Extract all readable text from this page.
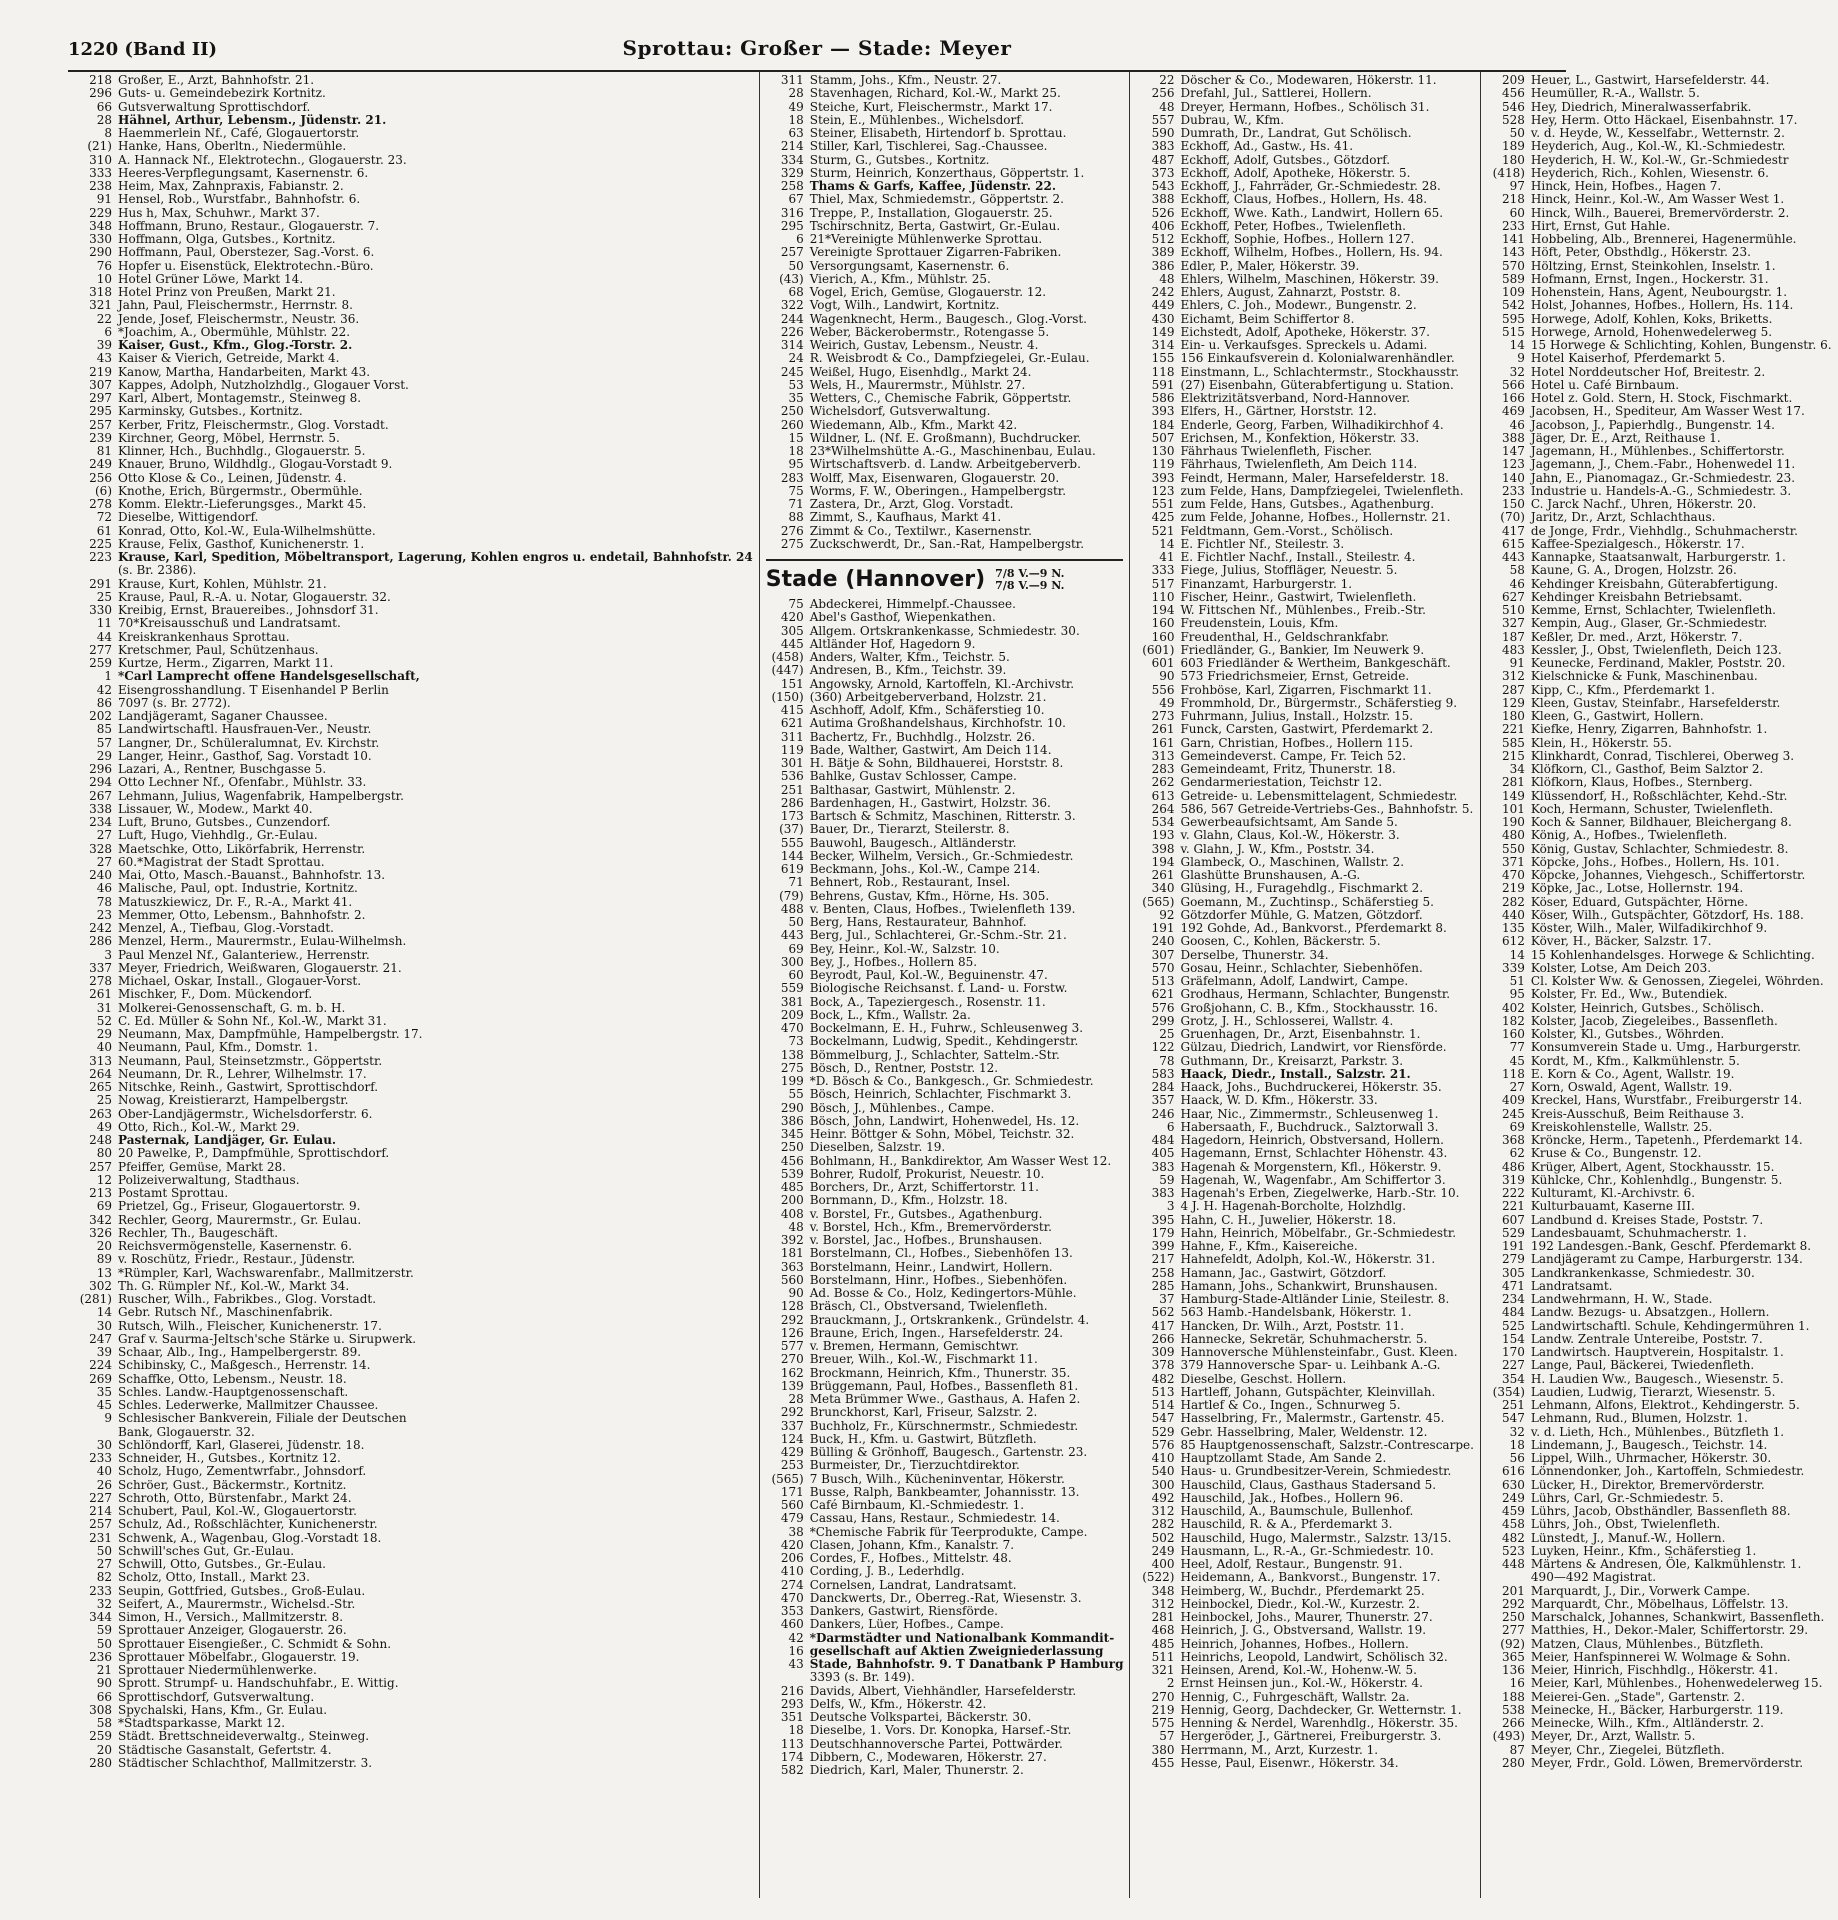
1220 (Band II)	Sprottau: Großer — Stade: Meyer
218 Großer, E., Arzt, Bahnhofstr. 21.
296 Guts- u. Gemeindebezirk Kortnitz.
66 Gutsverwaltung Sprottischdorf.
28 Hähnel, Arthur, Lebensm., Jüdenstr. 21.
8 Haemmerlein Nf., Café, Glogauertorstr.
(21) Hanke, Hans, Oberltn., Niedermühle.
310 A. Hannack Nf., Elektrotechn., Glogauerstr. 23.
333 Heeres-Verpflegungsamt, Kasernenstr. 6.
238 Heim, Max, Zahnpraxis, Fabianstr. 2.
91 Hensel, Rob., Wurstfabr., Bahnhofstr. 6.
229 Hus h, Max, Schuhwr., Markt 37.
348 Hoffmann, Bruno, Restaur., Glogauerstr. 7.
330 Hoffmann, Olga, Gutsbes., Kortnitz.
290 Hoffmann, Paul, Oberstezer, Sag.-Vorst. 6.
76 Hopfer u. Eisenstück, Elektrotechn.-Büro.
10 Hotel Grüner Löwe, Markt 14.
318 Hotel Prinz von Preußen, Markt 21.
321 Jahn, Paul, Fleischermstr., Herrnstr. 8.
22 Jende, Josef, Fleischermstr., Neustr. 36.
6 *Joachim, A., Obermühle, Mühlstr. 22.
39 Kaiser, Gust., Kfm., Glog.-Torstr. 2.
43 Kaiser & Vierich, Getreide, Markt 4.
219 Kanow, Martha, Handarbeiten, Markt 43.
307 Kappes, Adolph, Nutzholzhdlg., Glogauer Vorst.
297 Karl, Albert, Montagemstr., Steinweg 8.
295 Karminsky, Gutsbes., Kortnitz.
257 Kerber, Fritz, Fleischermstr., Glog. Vorstadt.
239 Kirchner, Georg, Möbel, Herrnstr. 5.
81 Klinner, Hch., Buchhdlg., Glogauerstr. 5.
249 Knauer, Bruno, Wildhdlg., Glogau-Vorstadt 9.
256 Otto Klose & Co., Leinen, Jüdenstr. 4.
(6) Knothe, Erich, Bürgermstr., Obermühle.
278 Komm. Elektr.-Lieferungsges., Markt 45.
72 Dieselbe, Wittigendorf.
61 Konrad, Otto, Kol.-W., Eula-Wilhelmshütte.
225 Krause, Felix, Gasthof, Kunichenerstr. 1.
223 Krause, Karl, Spedition, Möbeltransport, Lagerung, Kohlen engros u. endetail, Bahnhofstr. 24
(s. Br. 2386).
291 Krause, Kurt, Kohlen, Mühlstr. 21.
25 Krause, Paul, R.-A. u. Notar, Glogauerstr. 32.
330 Kreibig, Ernst, Brauereibes., Johnsdorf 31.
11 70*Kreisausschuß und Landratsamt.
44 Kreiskrankenhaus Sprottau.
277 Kretschmer, Paul, Schützenhaus.
259 Kurtze, Herm., Zigarren, Markt 11.
1 *Carl Lamprecht offene Handelsgesellschaft,
42 Eisengrosshandlung. T Eisenhandel P Berlin
86 7097 (s. Br. 2772).
202 Landjägeramt, Saganer Chaussee.
85 Landwirtschaftl. Hausfrauen-Ver., Neustr.
57 Langner, Dr., Schüleralumnat, Ev. Kirchstr.
29 Langer, Heinr., Gasthof, Sag. Vorstadt 10.
296 Lazari, A., Rentner, Buschgasse 5.
294 Otto Lechner Nf., Ofenfabr., Mühlstr. 33.
267 Lehmann, Julius, Wagenfabrik, Hampelbergstr.
338 Lissauer, W., Modew., Markt 40.
234 Luft, Bruno, Gutsbes., Cunzendorf.
27 Luft, Hugo, Viehhdlg., Gr.-Eulau.
328 Maetschke, Otto, Likörfabrik, Herrenstr.
27 60.*Magistrat der Stadt Sprottau.
240 Mai, Otto, Masch.-Bauanst., Bahnhofstr. 13.
46 Malische, Paul, opt. Industrie, Kortnitz.
78 Matuszkiewicz, Dr. F., R.-A., Markt 41.
23 Memmer, Otto, Lebensm., Bahnhofstr. 2.
242 Menzel, A., Tiefbau, Glog.-Vorstadt.
286 Menzel, Herm., Maurermstr., Eulau-Wilhelmsh.
3 Paul Menzel Nf., Galanteriew., Herrenstr.
337 Meyer, Friedrich, Weißwaren, Glogauerstr. 21.
278 Michael, Oskar, Install., Glogauer-Vorst.
261 Mischker, F., Dom. Mückendorf.
31 Molkerei-Genossenschaft, G. m. b. H.
52 C. Ed. Müller & Sohn Nf., Kol.-W., Markt 31.
29 Neumann, Max, Dampfmühle, Hampelbergstr. 17.
40 Neumann, Paul, Kfm., Domstr. 1.
313 Neumann, Paul, Steinsetzmstr., Göppertstr.
264 Neumann, Dr. R., Lehrer, Wilhelmstr. 17.
265 Nitschke, Reinh., Gastwirt, Sprottischdorf.
25 Nowag, Kreistierarzt, Hampelbergstr.
263 Ober-Landjägermstr., Wichelsdorferstr. 6.
49 Otto, Rich., Kol.-W., Markt 29.
248 Pasternak, Landjäger, Gr. Eulau.
80 20 Pawelke, P., Dampfmühle, Sprottischdorf.
257 Pfeiffer, Gemüse, Markt 28.
12 Polizeiverwaltung, Stadthaus.
213 Postamt Sprottau.
69 Prietzel, Gg., Friseur, Glogauertorstr. 9.
342 Rechler, Georg, Maurermstr., Gr. Eulau.
326 Rechler, Th., Baugeschäft.
20 Reichsvermögenstelle, Kasernenstr. 6.
89 v. Roschütz, Friedr., Restaur., Jüdenstr.
13 *Rümpler, Karl, Wachswarenfabr., Mallmitzerstr.
302 Th. G. Rümpler Nf., Kol.-W., Markt 34.
(281) Ruscher, Wilh., Fabrikbes., Glog. Vorstadt.
14 Gebr. Rutsch Nf., Maschinenfabrik.
30 Rutsch, Wilh., Fleischer, Kunichenerstr. 17.
247 Graf v. Saurma-Jeltsch'sche Stärke u. Sirupwerk.
39 Schaar, Alb., Ing., Hampelbergerstr. 89.
224 Schibinsky, C., Maßgesch., Herrenstr. 14.
269 Schaffke, Otto, Lebensm., Neustr. 18.
35 Schles. Landw.-Hauptgenossenschaft.
45 Schles. Lederwerke, Mallmitzer Chaussee.
9 Schlesischer Bankverein, Filiale der Deutschen
Bank, Glogauerstr. 32.
30 Schlöndorff, Karl, Glaserei, Jüdenstr. 18.
233 Schneider, H., Gutsbes., Kortnitz 12.
40 Scholz, Hugo, Zementwrfabr., Johnsdorf.
26 Schröer, Gust., Bäckermstr., Kortnitz.
227 Schroth, Otto, Bürstenfabr., Markt 24.
214 Schubert, Paul, Kol.-W., Glogauertorstr.
257 Schulz, Ad., Roßschlächter, Kunichenerstr.
231 Schwenk, A., Wagenbau, Glog.-Vorstadt 18.
50 Schwill'sches Gut, Gr.-Eulau.
27 Schwill, Otto, Gutsbes., Gr.-Eulau.
82 Scholz, Otto, Install., Markt 23.
233 Seupin, Gottfried, Gutsbes., Groß-Eulau.
32 Seifert, A., Maurermstr., Wichelsd.-Str.
344 Simon, H., Versich., Mallmitzerstr. 8.
59 Sprottauer Anzeiger, Glogauerstr. 26.
50 Sprottauer Eisengießer., C. Schmidt & Sohn.
236 Sprottauer Möbelfabr., Glogauerstr. 19.
21 Sprottauer Niedermühlenwerke.
90 Sprott. Strumpf- u. Handschuhfabr., E. Wittig.
66 Sprottischdorf, Gutsverwaltung.
308 Spychalski, Hans, Kfm., Gr. Eulau.
58 *Stadtsparkasse, Markt 12.
259 Städt. Brettschneideverwaltg., Steinweg.
20 Städtische Gasanstalt, Gefertstr. 4.
280 Städtischer Schlachthof, Mallmitzerstr. 3.
311 Stamm, Johs., Kfm., Neustr. 27.
28 Stavenhagen, Richard, Kol.-W., Markt 25.
49 Steiche, Kurt, Fleischermstr., Markt 17.
18 Stein, E., Mühlenbes., Wichelsdorf.
63 Steiner, Elisabeth, Hirtendorf b. Sprottau.
214 Stiller, Karl, Tischlerei, Sag.-Chaussee.
334 Sturm, G., Gutsbes., Kortnitz.
329 Sturm, Heinrich, Konzerthaus, Göppertstr. 1.
258 Thams & Garfs, Kaffee, Jüdenstr. 22.
67 Thiel, Max, Schmiedemstr., Göppertstr. 2.
316 Treppe, P., Installation, Glogauerstr. 25.
295 Tschirschnitz, Berta, Gastwirt, Gr.-Eulau.
6 21*Vereinigte Mühlenwerke Sprottau.
257 Vereinigte Sprottauer Zigarren-Fabriken.
50 Versorgungsamt, Kasernenstr. 6.
(43) Vierich, A., Kfm., Mühlstr. 25.
68 Vogel, Erich, Gemüse, Glogauerstr. 12.
322 Vogt, Wilh., Landwirt, Kortnitz.
244 Wagenknecht, Herm., Baugesch., Glog.-Vorst.
226 Weber, Bäckerobermstr., Rotengasse 5.
314 Weirich, Gustav, Lebensm., Neustr. 4.
24 R. Weisbrodt & Co., Dampfziegelei, Gr.-Eulau.
245 Weißel, Hugo, Eisenhdlg., Markt 24.
53 Wels, H., Maurermstr., Mühlstr. 27.
35 Wetters, C., Chemische Fabrik, Göppertstr.
250 Wichelsdorf, Gutsverwaltung.
260 Wiedemann, Alb., Kfm., Markt 42.
15 Wildner, L. (Nf. E. Großmann), Buchdrucker.
18 23*Wilhelmshütte A.-G., Maschinenbau, Eulau.
95 Wirtschaftsverb. d. Landw. Arbeitgeberverb.
283 Wolff, Max, Eisenwaren, Glogauerstr. 20.
75 Worms, F. W., Oberingen., Hampelbergstr.
71 Zastera, Dr., Arzt, Glog. Vorstadt.
88 Zimmt, S., Kaufhaus, Markt 41.
276 Zimmt & Co., Textilwr., Kasernenstr.
275 Zuckschwerdt, Dr., San.-Rat, Hampelbergstr.
Stade (Hannover) 7/8 V.—9 N.
7/8 V.—9 N.
75 Abdeckerei, Himmelpf.-Chaussee.
420 Abel's Gasthof, Wiepenkathen.
305 Allgem. Ortskrankenkasse, Schmiedestr. 30.
445 Altländer Hof, Hagedorn 9.
(458) Anders, Walter, Kfm., Teichstr. 5.
(447) Andresen, B., Kfm., Teichstr. 39.
151 Angowsky, Arnold, Kartoffeln, Kl.-Archivstr.
(150) (360) Arbeitgeberverband, Holzstr. 21.
415 Aschhoff, Adolf, Kfm., Schäferstieg 10.
621 Autima Großhandelshaus, Kirchhofstr. 10.
311 Bachertz, Fr., Buchhdlg., Holzstr. 26.
119 Bade, Walther, Gastwirt, Am Deich 114.
301 H. Bätje & Sohn, Bildhauerei, Horststr. 8.
536 Bahlke, Gustav Schlosser, Campe.
251 Balthasar, Gastwirt, Mühlenstr. 2.
286 Bardenhagen, H., Gastwirt, Holzstr. 36.
173 Bartsch & Schmitz, Maschinen, Ritterstr. 3.
(37) Bauer, Dr., Tierarzt, Steilerstr. 8.
555 Bauwohl, Baugesch., Altländerstr.
144 Becker, Wilhelm, Versich., Gr.-Schmiedestr.
619 Beckmann, Johs., Kol.-W., Campe 214.
71 Behnert, Rob., Restaurant, Insel.
(79) Behrens, Gustav, Kfm., Hörne, Hs. 305.
488 v. Benten, Claus, Hofbes., Twielenfleth 139.
50 Berg, Hans, Restaurateur, Bahnhof.
443 Berg, Jul., Schlachterei, Gr.-Schm.-Str. 21.
69 Bey, Heinr., Kol.-W., Salzstr. 10.
300 Bey, J., Hofbes., Hollern 85.
60 Beyrodt, Paul, Kol.-W., Beguinenstr. 47.
559 Biologische Reichsanst. f. Land- u. Forstw.
381 Bock, A., Tapeziergesch., Rosenstr. 11.
209 Bock, L., Kfm., Wallstr. 2a.
470 Bockelmann, E. H., Fuhrw., Schleusenweg 3.
73 Bockelmann, Ludwig, Spedit., Kehdingerstr.
138 Bömmelburg, J., Schlachter, Sattelm.-Str.
275 Bösch, D., Rentner, Poststr. 12.
199 *D. Bösch & Co., Bankgesch., Gr. Schmiedestr.
55 Bösch, Heinrich, Schlachter, Fischmarkt 3.
290 Bösch, J., Mühlenbes., Campe.
386 Bösch, John, Landwirt, Hohenwedel, Hs. 12.
345 Heinr. Böttger & Sohn, Möbel, Teichstr. 32.
250 Dieselben, Salzstr. 19.
456 Bohlmann, H., Bankdirektor, Am Wasser West 12.
539 Bohrer, Rudolf, Prokurist, Neuestr. 10.
485 Borchers, Dr., Arzt, Schiffertorstr. 11.
200 Bornmann, D., Kfm., Holzstr. 18.
408 v. Borstel, Fr., Gutsbes., Agathenburg.
48 v. Borstel, Hch., Kfm., Bremervörderstr.
392 v. Borstel, Jac., Hofbes., Brunshausen.
181 Borstelmann, Cl., Hofbes., Siebenhöfen 13.
363 Borstelmann, Heinr., Landwirt, Hollern.
560 Borstelmann, Hinr., Hofbes., Siebenhöfen.
90 Ad. Bosse & Co., Holz, Kedingertors-Mühle.
128 Bräsch, Cl., Obstversand, Twielenfleth.
292 Brauckmann, J., Ortskrankenk., Gründelstr. 4.
126 Braune, Erich, Ingen., Harsefelderstr. 24.
577 v. Bremen, Hermann, Gemischtwr.
270 Breuer, Wilh., Kol.-W., Fischmarkt 11.
162 Brockmann, Heinrich, Kfm., Thunerstr. 35.
139 Brüggemann, Paul, Hofbes., Bassenfleth 81.
28 Meta Brümmer Wwe., Gasthaus, A. Hafen 2.
292 Brunckhorst, Karl, Friseur, Salzstr. 2.
337 Buchholz, Fr., Kürschnermstr., Schmiedestr.
124 Buck, H., Kfm. u. Gastwirt, Bützfleth.
429 Bülling & Grönhoff, Baugesch., Gartenstr. 23.
253 Burmeister, Dr., Tierzuchtdirektor.
(565) 7 Busch, Wilh., Kücheninventar, Hökerstr.
171 Busse, Ralph, Bankbeamter, Johannisstr. 13.
560 Café Birnbaum, Kl.-Schmiedestr. 1.
479 Cassau, Hans, Restaur., Schmiedestr. 14.
38 *Chemische Fabrik für Teerprodukte, Campe.
420 Clasen, Johann, Kfm., Kanalstr. 7.
206 Cordes, F., Hofbes., Mittelstr. 48.
410 Cording, J. B., Lederhdlg.
274 Cornelsen, Landrat, Landratsamt.
470 Danckwerts, Dr., Oberreg.-Rat, Wiesenstr. 3.
353 Dankers, Gastwirt, Riensförde.
460 Dankers, Lüer, Hofbes., Campe.
42 *Darmstädter und Nationalbank Kommandit-
16 gesellschaft auf Aktien Zweigniederlassung
43 Stade, Bahnhofstr. 9. T Danatbank P Hamburg
3393 (s. Br. 149).
216 Davids, Albert, Viehhändler, Harsefelderstr.
293 Delfs, W., Kfm., Hökerstr. 42.
351 Deutsche Volkspartei, Bäckerstr. 30.
18 Dieselbe, 1. Vors. Dr. Konopka, Harsef.-Str.
113 Deutschhannoversche Partei, Pottwärder.
174 Dibbern, C., Modewaren, Hökerstr. 27.
582 Diedrich, Karl, Maler, Thunerstr. 2.
22 Döscher & Co., Modewaren, Hökerstr. 11.
256 Drefahl, Jul., Sattlerei, Hollern.
48 Dreyer, Hermann, Hofbes., Schölisch 31.
557 Dubrau, W., Kfm.
590 Dumrath, Dr., Landrat, Gut Schölisch.
383 Eckhoff, Ad., Gastw., Hs. 41.
487 Eckhoff, Adolf, Gutsbes., Götzdorf.
373 Eckhoff, Adolf, Apotheke, Hökerstr. 5.
543 Eckhoff, J., Fahrräder, Gr.-Schmiedestr. 28.
388 Eckhoff, Claus, Hofbes., Hollern, Hs. 48.
526 Eckhoff, Wwe. Kath., Landwirt, Hollern 65.
406 Eckhoff, Peter, Hofbes., Twielenfleth.
512 Eckhoff, Sophie, Hofbes., Hollern 127.
389 Eckhoff, Wilhelm, Hofbes., Hollern, Hs. 94.
386 Edler, P., Maler, Hökerstr. 39.
48 Ehlers, Wilhelm, Maschinen, Hökerstr. 39.
242 Ehlers, August, Zahnarzt, Poststr. 8.
449 Ehlers, C. Joh., Modewr., Bungenstr. 2.
430 Eichamt, Beim Schiffertor 8.
149 Eichstedt, Adolf, Apotheke, Hökerstr. 37.
314 Ein- u. Verkaufsges. Spreckels u. Adami.
155 156 Einkaufsverein d. Kolonialwarenhändler.
118 Einstmann, L., Schlachtermstr., Stockhausstr.
591 (27) Eisenbahn, Güterabfertigung u. Station.
586 Elektrizitätsverband, Nord-Hannover.
393 Elfers, H., Gärtner, Horststr. 12.
184 Enderle, Georg, Farben, Wilhadikirchhof 4.
507 Erichsen, M., Konfektion, Hökerstr. 33.
130 Fährhaus Twielenfleth, Fischer.
119 Fährhaus, Twielenfleth, Am Deich 114.
393 Feindt, Hermann, Maler, Harsefelderstr. 18.
123 zum Felde, Hans, Dampfziegelei, Twielenfleth.
551 zum Felde, Hans, Gutsbes., Agathenburg.
425 zum Felde, Johanne, Hofbes., Hollernstr. 21.
521 Feldtmann, Gem.-Vorst., Schölisch.
14 E. Fichtler Nf., Steilestr. 3.
41 E. Fichtler Nachf., Install., Steilestr. 4.
333 Fiege, Julius, Stoffläger, Neuestr. 5.
517 Finanzamt, Harburgerstr. 1.
110 Fischer, Heinr., Gastwirt, Twielenfleth.
194 W. Fittschen Nf., Mühlenbes., Freib.-Str.
160 Freudenstein, Louis, Kfm.
160 Freudenthal, H., Geldschrankfabr.
(601) Friedländer, G., Bankier, Im Neuwerk 9.
601 603 Friedländer & Wertheim, Bankgeschäft.
90 573 Friedrichsmeier, Ernst, Getreide.
556 Frohböse, Karl, Zigarren, Fischmarkt 11.
49 Frommhold, Dr., Bürgermstr., Schäferstieg 9.
273 Fuhrmann, Julius, Install., Holzstr. 15.
261 Funck, Carsten, Gastwirt, Pferdemarkt 2.
161 Garn, Christian, Hofbes., Hollern 115.
313 Gemeindeverst. Campe, Fr. Teich 52.
283 Gemeindeamt, Fritz, Thunerstr. 18.
262 Gendarmeriestation, Teichstr 12.
613 Getreide- u. Lebensmittelagent, Schmiedestr.
264 586, 567 Getreide-Vertriebs-Ges., Bahnhofstr. 5.
534 Gewerbeaufsichtsamt, Am Sande 5.
193 v. Glahn, Claus, Kol.-W., Hökerstr. 3.
398 v. Glahn, J. W., Kfm., Poststr. 34.
194 Glambeck, O., Maschinen, Wallstr. 2.
261 Glashütte Brunshausen, A.-G.
340 Glüsing, H., Furagehdlg., Fischmarkt 2.
(565) Goemann, M., Zuchtinsp., Schäferstieg 5.
92 Götzdorfer Mühle, G. Matzen, Götzdorf.
191 192 Gohde, Ad., Bankvorst., Pferdemarkt 8.
240 Goosen, C., Kohlen, Bäckerstr. 5.
307 Derselbe, Thunerstr. 34.
570 Gosau, Heinr., Schlachter, Siebenhöfen.
513 Gräfelmann, Adolf, Landwirt, Campe.
621 Grodhaus, Hermann, Schlachter, Bungenstr.
576 Großjohann, C. B., Kfm., Stockhausstr. 16.
299 Grotz, J. H., Schlosserei, Wallstr. 4.
25 Gruenhagen, Dr., Arzt, Eisenbahnstr. 1.
122 Gülzau, Diedrich, Landwirt, vor Riensförde.
78 Guthmann, Dr., Kreisarzt, Parkstr. 3.
583 Haack, Diedr., Install., Salzstr. 21.
284 Haack, Johs., Buchdruckerei, Hökerstr. 35.
357 Haack, W. D. Kfm., Hökerstr. 33.
246 Haar, Nic., Zimmermstr., Schleusenweg 1.
6 Habersaath, F., Buchdruck., Salztorwall 3.
484 Hagedorn, Heinrich, Obstversand, Hollern.
405 Hagemann, Ernst, Schlachter Höhenstr. 43.
383 Hagenah & Morgenstern, Kfl., Hökerstr. 9.
59 Hagenah, W., Wagenfabr., Am Schiffertor 3.
383 Hagenah's Erben, Ziegelwerke, Harb.-Str. 10.
3 4 J. H. Hagenah-Borcholte, Holzhdlg.
395 Hahn, C. H., Juwelier, Hökerstr. 18.
179 Hahn, Heinrich, Möbelfabr., Gr.-Schmiedestr.
399 Hahne, F., Kfm., Kaisereiche.
217 Hahnefeldt, Adolph, Kol.-W., Hökerstr. 31.
258 Hamann, Jac., Gastwirt, Götzdorf.
285 Hamann, Johs., Schankwirt, Brunshausen.
37 Hamburg-Stade-Altländer Linie, Steilestr. 8.
562 563 Hamb.-Handelsbank, Hökerstr. 1.
417 Hancken, Dr. Wilh., Arzt, Poststr. 11.
266 Hannecke, Sekretär, Schuhmacherstr. 5.
309 Hannoversche Mühlensteinfabr., Gust. Kleen.
378 379 Hannoversche Spar- u. Leihbank A.-G.
482 Dieselbe, Geschst. Hollern.
513 Hartleff, Johann, Gutspächter, Kleinvillah.
514 Hartlef & Co., Ingen., Schnurweg 5.
547 Hasselbring, Fr., Malermstr., Gartenstr. 45.
529 Gebr. Hasselbring, Maler, Weldenstr. 12.
576 85 Hauptgenossenschaft, Salzstr.-Contrescarpe.
410 Hauptzollamt Stade, Am Sande 2.
540 Haus- u. Grundbesitzer-Verein, Schmiedestr.
300 Hauschild, Claus, Gasthaus Stadersand 5.
492 Hauschild, Jak., Hofbes., Hollern 96.
312 Hauschild, A., Baumschule, Bullenhof.
282 Hauschild, R. & A., Pferdemarkt 3.
502 Hauschild, Hugo, Malermstr., Salzstr. 13/15.
249 Hausmann, L., R.-A., Gr.-Schmiedestr. 10.
400 Heel, Adolf, Restaur., Bungenstr. 91.
(522) Heidemann, A., Bankvorst., Bungenstr. 17.
348 Heimberg, W., Buchdr., Pferdemarkt 25.
312 Heinbockel, Diedr., Kol.-W., Kurzestr. 2.
281 Heinbockel, Johs., Maurer, Thunerstr. 27.
468 Heinrich, J. G., Obstversand, Wallstr. 19.
485 Heinrich, Johannes, Hofbes., Hollern.
511 Heinrichs, Leopold, Landwirt, Schölisch 32.
321 Heinsen, Arend, Kol.-W., Hohenw.-W. 5.
2 Ernst Heinsen jun., Kol.-W., Hökerstr. 4.
270 Hennig, C., Fuhrgeschäft, Wallstr. 2a.
219 Hennig, Georg, Dachdecker, Gr. Wetternstr. 1.
575 Henning & Nerdel, Warenhdlg., Hökerstr. 35.
57 Hergeröder, J., Gärtnerei, Freiburgerstr. 3.
380 Herrmann, M., Arzt, Kurzestr. 1.
455 Hesse, Paul, Eisenwr., Hökerstr. 34.
209 Heuer, L., Gastwirt, Harsefelderstr. 44.
456 Heumüller, R.-A., Wallstr. 5.
546 Hey, Diedrich, Mineralwasserfabrik.
528 Hey, Herm. Otto Häckael, Eisenbahnstr. 17.
50 v. d. Heyde, W., Kesselfabr., Wetternstr. 2.
189 Heyderich, Aug., Kol.-W., Kl.-Schmiedestr.
180 Heyderich, H. W., Kol.-W., Gr.-Schmiedestr
(418) Heyderich, Rich., Kohlen, Wiesenstr. 6.
97 Hinck, Hein, Hofbes., Hagen 7.
218 Hinck, Heinr., Kol.-W., Am Wasser West 1.
60 Hinck, Wilh., Bauerei, Bremervörderstr. 2.
233 Hirt, Ernst, Gut Hahle.
141 Hobbeling, Alb., Brennerei, Hagenermühle.
143 Höft, Peter, Obsthdlg., Hökerstr. 23.
570 Höltzing, Ernst, Steinkohlen, Inselstr. 1.
589 Hofmann, Ernst, Ingen., Hockerstr. 31.
109 Hohenstein, Hans, Agent, Neubourgstr. 1.
542 Holst, Johannes, Hofbes., Hollern, Hs. 114.
595 Horwege, Adolf, Kohlen, Koks, Briketts.
515 Horwege, Arnold, Hohenwedelerweg 5.
14 15 Horwege & Schlichting, Kohlen, Bungenstr. 6.
9 Hotel Kaiserhof, Pferdemarkt 5.
32 Hotel Norddeutscher Hof, Breitestr. 2.
566 Hotel u. Café Birnbaum.
166 Hotel z. Gold. Stern, H. Stock, Fischmarkt.
469 Jacobsen, H., Spediteur, Am Wasser West 17.
46 Jacobson, J., Papierhdlg., Bungenstr. 14.
388 Jäger, Dr. E., Arzt, Reithause 1.
147 Jagemann, H., Mühlenbes., Schiffertorstr.
123 Jagemann, J., Chem.-Fabr., Hohenwedel 11.
140 Jahn, E., Pianomagaz., Gr.-Schmiedestr. 23.
233 Industrie u. Handels-A.-G., Schmiedestr. 3.
150 C. Jarck Nachf., Uhren, Hökerstr. 20.
(70) Jaritz, Dr., Arzt, Schlachthaus.
417 de Jonge, Frdr., Viehhdlg., Schuhmacherstr.
615 Kaffee-Spezialgesch., Hökerstr. 17.
443 Kannapke, Staatsanwalt, Harburgerstr. 1.
58 Kaune, G. A., Drogen, Holzstr. 26.
46 Kehdinger Kreisbahn, Güterabfertigung.
627 Kehdinger Kreisbahn Betriebsamt.
510 Kemme, Ernst, Schlachter, Twielenfleth.
327 Kempin, Aug., Glaser, Gr.-Schmiedestr.
187 Keßler, Dr. med., Arzt, Hökerstr. 7.
483 Kessler, J., Obst, Twielenfleth, Deich 123.
91 Keunecke, Ferdinand, Makler, Poststr. 20.
312 Kielschnicke & Funk, Maschinenbau.
287 Kipp, C., Kfm., Pferdemarkt 1.
129 Kleen, Gustav, Steinfabr., Harsefelderstr.
180 Kleen, G., Gastwirt, Hollern.
221 Kiefke, Henry, Zigarren, Bahnhofstr. 1.
585 Klein, H., Hökerstr. 55.
215 Klinkhardt, Conrad, Tischlerei, Oberweg 3.
34 Klöfkorn, Cl., Gasthof, Beim Salztor 2.
281 Klöfkorn, Klaus, Hofbes., Sternberg.
149 Klüssendorf, H., Roßschlächter, Kehd.-Str.
101 Koch, Hermann, Schuster, Twielenfleth.
190 Koch & Sanner, Bildhauer, Bleichergang 8.
480 König, A., Hofbes., Twielenfleth.
550 König, Gustav, Schlachter, Schmiedestr. 8.
371 Köpcke, Johs., Hofbes., Hollern, Hs. 101.
470 Köpcke, Johannes, Viehgesch., Schiffertorstr.
219 Köpke, Jac., Lotse, Hollernstr. 194.
282 Köser, Eduard, Gutspächter, Hörne.
440 Köser, Wilh., Gutspächter, Götzdorf, Hs. 188.
135 Köster, Wilh., Maler, Wilfadikirchhof 9.
612 Köver, H., Bäcker, Salzstr. 17.
14 15 Kohlenhandelsges. Horwege & Schlichting.
339 Kolster, Lotse, Am Deich 203.
51 Cl. Kolster Ww. & Genossen, Ziegelei, Wöhrden.
95 Kolster, Fr. Ed., Ww., Butendiek.
402 Kolster, Heinrich, Gutsbes., Schölisch.
182 Kolster, Jacob, Ziegeleibes., Bassenfleth.
160 Kolster, Kl., Gutsbes., Wöhrden.
77 Konsumverein Stade u. Umg., Harburgerstr.
45 Kordt, M., Kfm., Kalkmühlenstr. 5.
118 E. Korn & Co., Agent, Wallstr. 19.
27 Korn, Oswald, Agent, Wallstr. 19.
409 Kreckel, Hans, Wurstfabr., Freiburgerstr 14.
245 Kreis-Ausschuß, Beim Reithause 3.
69 Kreiskohlenstelle, Wallstr. 25.
368 Kröncke, Herm., Tapetenh., Pferdemarkt 14.
62 Kruse & Co., Bungenstr. 12.
486 Krüger, Albert, Agent, Stockhausstr. 15.
319 Kühlcke, Chr., Kohlenhdlg., Bungenstr. 5.
222 Kulturamt, Kl.-Archivstr. 6.
221 Kulturbauamt, Kaserne III.
607 Landbund d. Kreises Stade, Poststr. 7.
529 Landesbauamt, Schuhmacherstr. 1.
191 192 Landesgen.-Bank, Geschf. Pferdemarkt 8.
279 Landjägeramt zu Campe, Harburgerstr. 134.
305 Landkrankenkasse, Schmiedestr. 30.
471 Landratsamt.
234 Landwehrmann, H. W., Stade.
484 Landw. Bezugs- u. Absatzgen., Hollern.
525 Landwirtschaftl. Schule, Kehdingermühren 1.
154 Landw. Zentrale Untereibe, Poststr. 7.
170 Landwirtsch. Hauptverein, Hospitalstr. 1.
227 Lange, Paul, Bäckerei, Twiedenfleth.
354 H. Laudien Ww., Baugesch., Wiesenstr. 5.
(354) Laudien, Ludwig, Tierarzt, Wiesenstr. 5.
251 Lehmann, Alfons, Elektrot., Kehdingerstr. 5.
547 Lehmann, Rud., Blumen, Holzstr. 1.
32 v. d. Lieth, Hch., Mühlenbes., Bützfleth 1.
18 Lindemann, J., Baugesch., Teichstr. 14.
56 Lippel, Wilh., Uhrmacher, Hökerstr. 30.
616 Lönnendonker, Joh., Kartoffeln, Schmiedestr.
630 Lücker, H., Direktor, Bremervörderstr.
249 Lührs, Carl, Gr.-Schmiedestr. 5.
459 Lührs, Jacob, Obsthändler, Bassenfleth 88.
458 Lührs, Joh., Obst, Twielenfleth.
482 Lünstedt, J., Manuf.-W., Hollern.
523 Luyken, Heinr., Kfm., Schäferstieg 1.
448 Märtens & Andresen, Öle, Kalkmühlenstr. 1.
490—492 Magistrat.
201 Marquardt, J., Dir., Vorwerk Campe.
292 Marquardt, Chr., Möbelhaus, Löffelstr. 13.
250 Marschalck, Johannes, Schankwirt, Bassenfleth.
277 Matthies, H., Dekor.-Maler, Schiffertorstr. 29.
(92) Matzen, Claus, Mühlenbes., Bützfleth.
365 Meier, Hanfspinnerei W. Wolmage & Sohn.
136 Meier, Hinrich, Fischhdlg., Hökerstr. 41.
16 Meier, Karl, Mühlenbes., Hohenwedelerweg 15.
188 Meierei-Gen. „Stade", Gartenstr. 2.
538 Meinecke, H., Bäcker, Harburgerstr. 119.
266 Meinecke, Wilh., Kfm., Altländerstr. 2.
(493) Meyer, Dr., Arzt, Wallstr. 5.
87 Meyer, Chr., Ziegelei, Bützfleth.
280 Meyer, Frdr., Gold. Löwen, Bremervörderstr.
